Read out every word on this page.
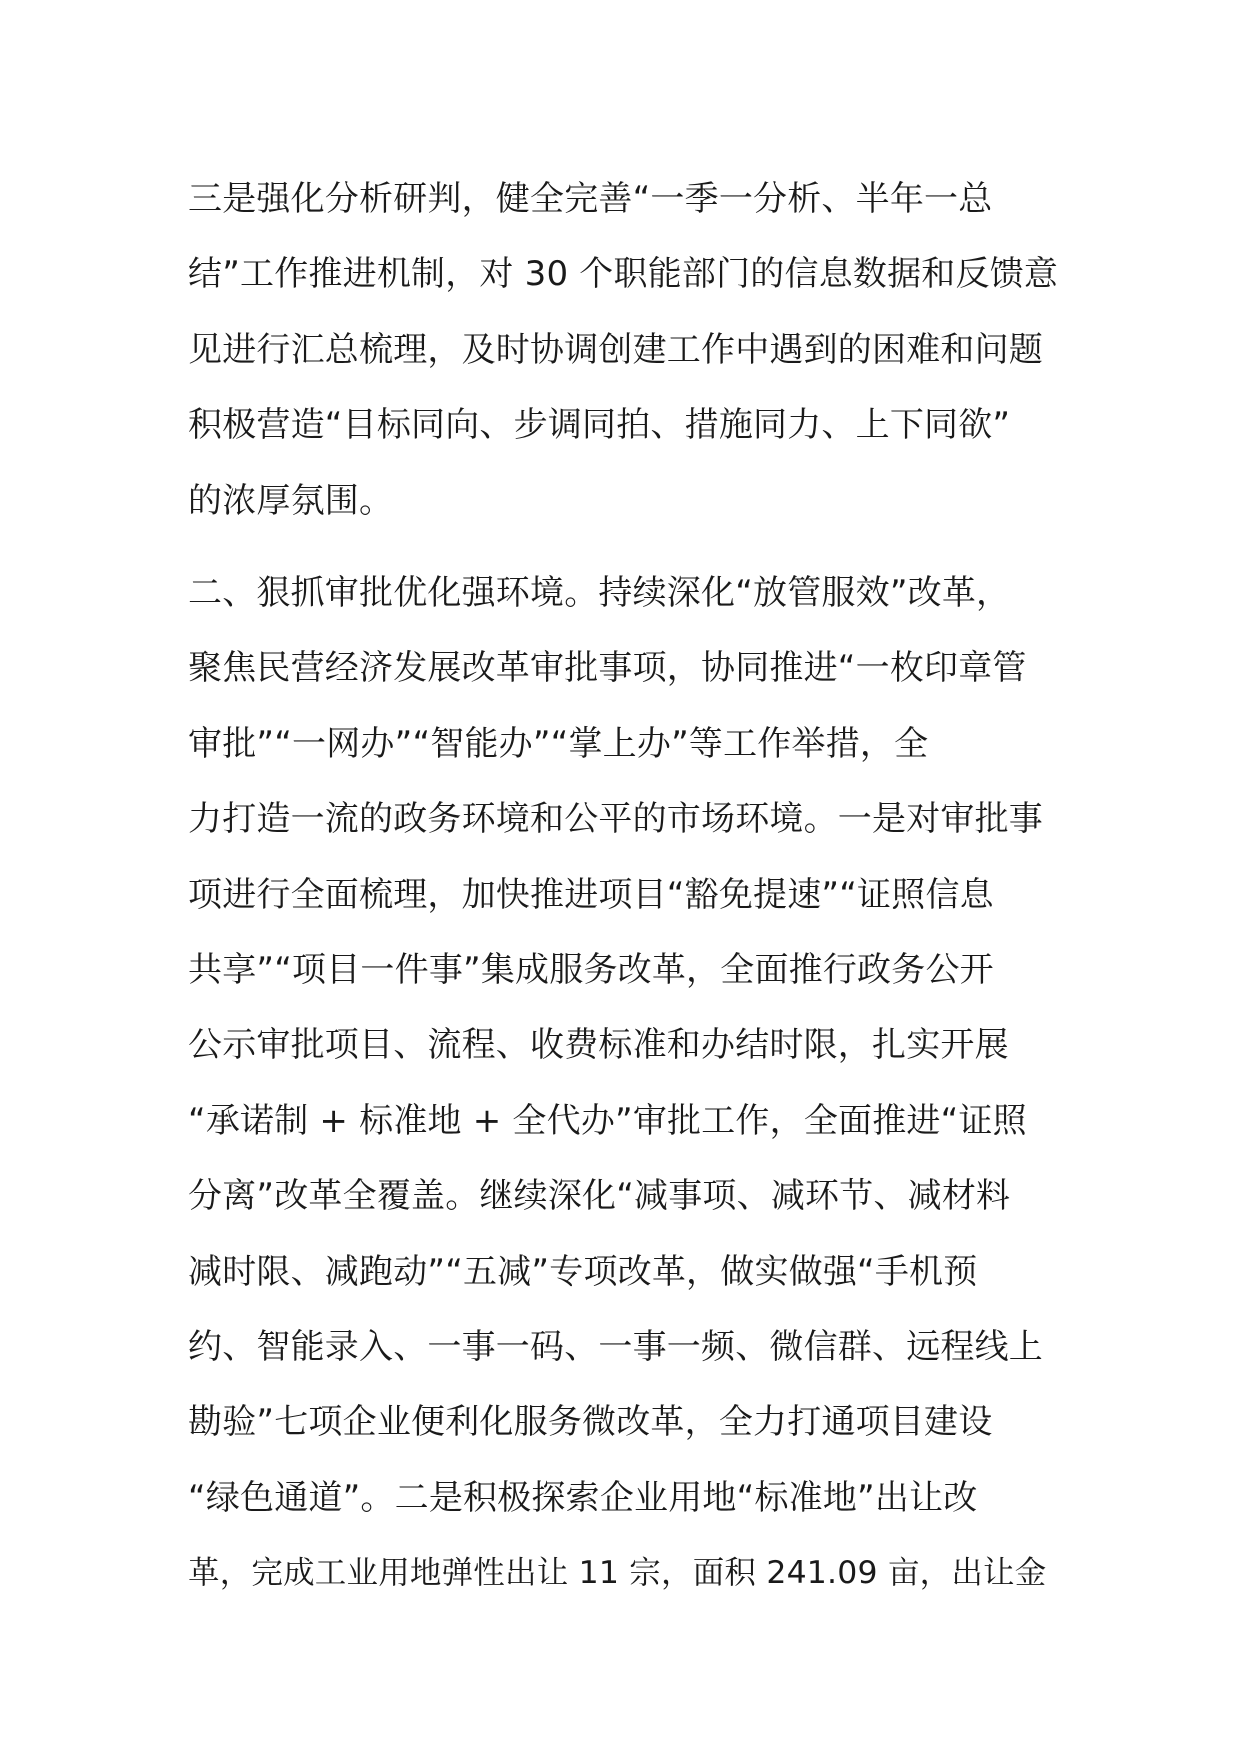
三是强化分析研判，健全完善“一季一分析、半年一总
结”工作推进机制，对 30 个职能部门的信息数据和反馈意
见进行汇总梳理，及时协调创建工作中遇到的困难和问题
积极营造“目标同向、步调同拍、措施同力、上下同欲”
的浓厚氛围。
二、狠抓审批优化强环境。持续深化“放管服效”改革，
聚焦民营经济发展改革审批事项，协同推进“一枚印章管
审批”“一网办”“智能办”“掌上办”等工作举措，全
力打造一流的政务环境和公平的市场环境。一是对审批事
项进行全面梳理，加快推进项目“豁免提速”“证照信息
共享”“项目一件事”集成服务改革，全面推行政务公开
公示审批项目、流程、收费标准和办结时限，扎实开展
“承诺制 + 标准地 + 全代办”审批工作，全面推进“证照
分离”改革全覆盖。继续深化“减事项、减环节、减材料
减时限、减跑动”“五减”专项改革，做实做强“手机预
约、智能录入、一事一码、一事一频、微信群、远程线上
勘验”七项企业便利化服务微改革，全力打通项目建设
“绿色通道”。二是积极探索企业用地“标准地”出让改
革，完成工业用地弹性出让 11 宗，面积 241.09 亩，出让金
